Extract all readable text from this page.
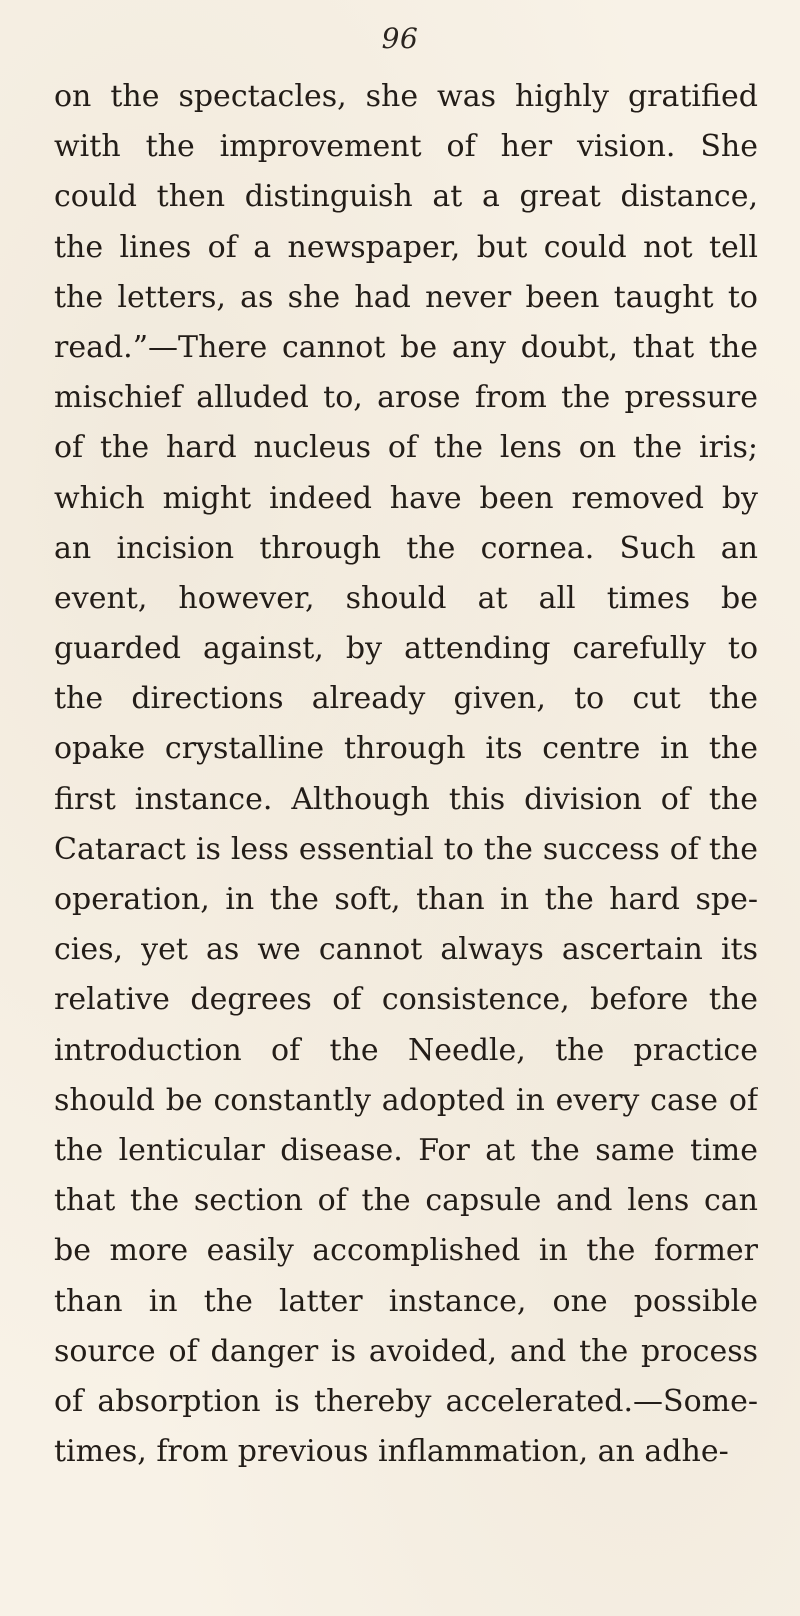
96
on the spectacles, she was highly gratified
with the improvement of her vision. She
could then distinguish at a great distance,
the lines of a newspaper, but could not tell
the letters, as she had never been taught to
read.”—There cannot be any doubt, that the
mischief alluded to, arose from the pressure
of the hard nucleus of the lens on the iris;
which might indeed have been removed by
an incision through the cornea. Such an
event, however, should at all times be
guarded against, by attending carefully to
the directions already given, to cut the
opake crystalline through its centre in the
first instance. Although this division of the
Cataract is less essential to the success of the
operation, in the soft, than in the hard spe-
cies, yet as we cannot always ascertain its
relative degrees of consistence, before the
introduction of the Needle, the practice
should be constantly adopted in every case of
the lenticular disease. For at the same time
that the section of the capsule and lens can
be more easily accomplished in the former
than in the latter instance, one possible
source of danger is avoided, and the process
of absorption is thereby accelerated.—Some-
times, from previous inflammation, an adhe-
